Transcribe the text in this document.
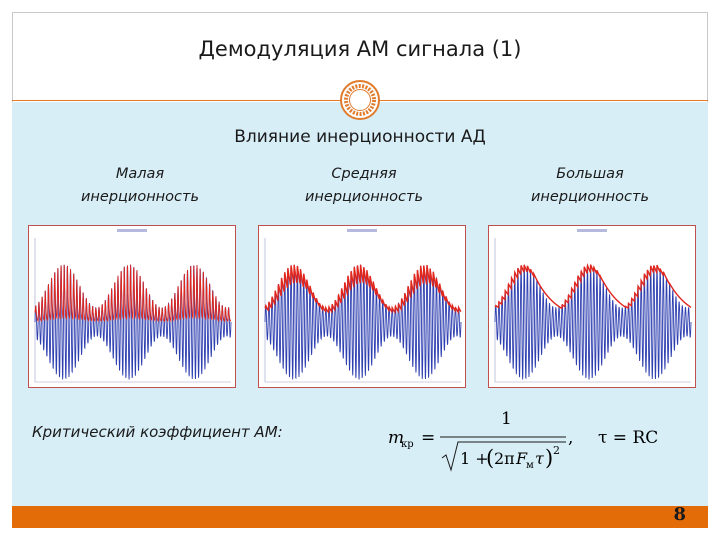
Демодуляция АМ сигнала (1)
Влияние инерционности АД
Малая
инерционность
Средняя
инерционность
Большая
инерционность
Критический коэффициент АМ:	m
кр =
1
1 +
( 2π F
м τ ) 2
, τ = RC
8
